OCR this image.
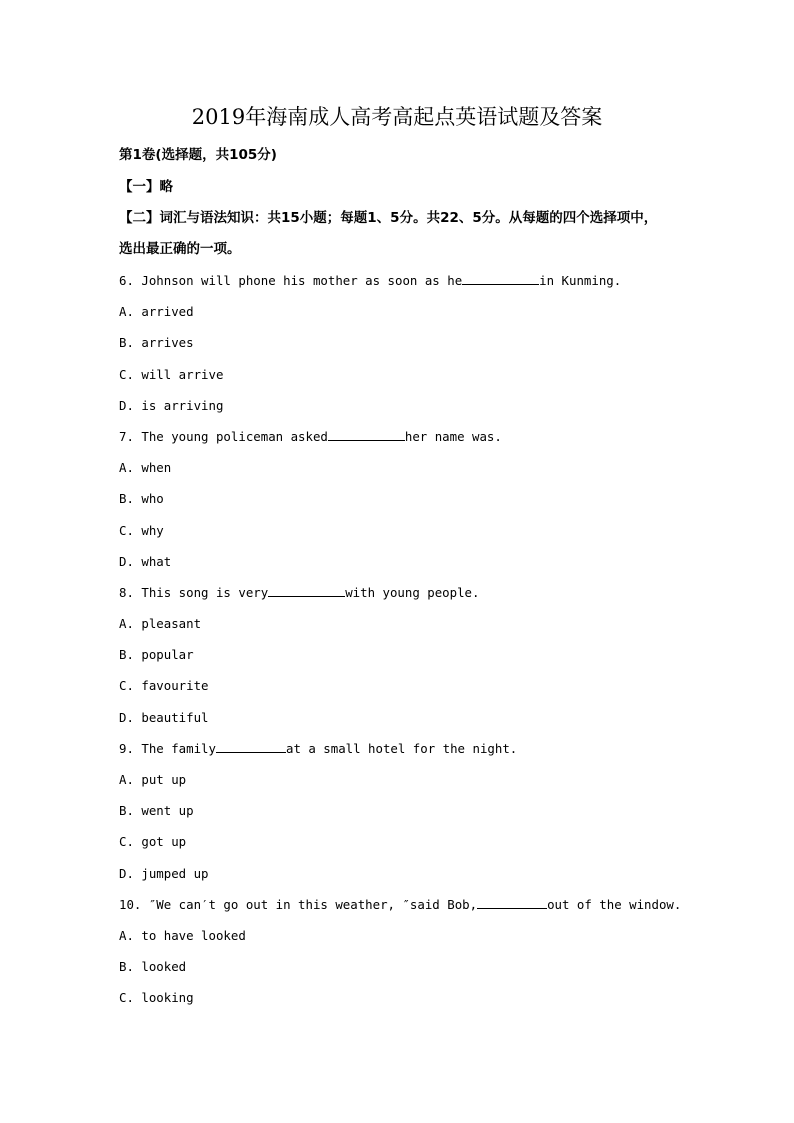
2019年海南成人高考高起点英语试题及答案

第1卷(选择题，共105分)

【一】略

【二】词汇与语法知识：共15小题；每题1、5分。共22、5分。从每题的四个选择项中，

选出最正确的一项。

6. Johnson will phone his mother as soon as he	in Kunming.
A. arrived
B. arrives
C. will arrive
D. is arriving
7. The young policeman asked	her name was.
A. when
B. who
C. why
D. what
8. This song is very	with young people.
A. pleasant
B. popular
C. favourite
D. beautiful
9. The family	at a small hotel for the night.
A. put up
B. went up
C. got up
D. jumped up
10. ″We can′t go out in this weather, ″said Bob,	out of the window.
A. to have looked
B. looked
C. looking
